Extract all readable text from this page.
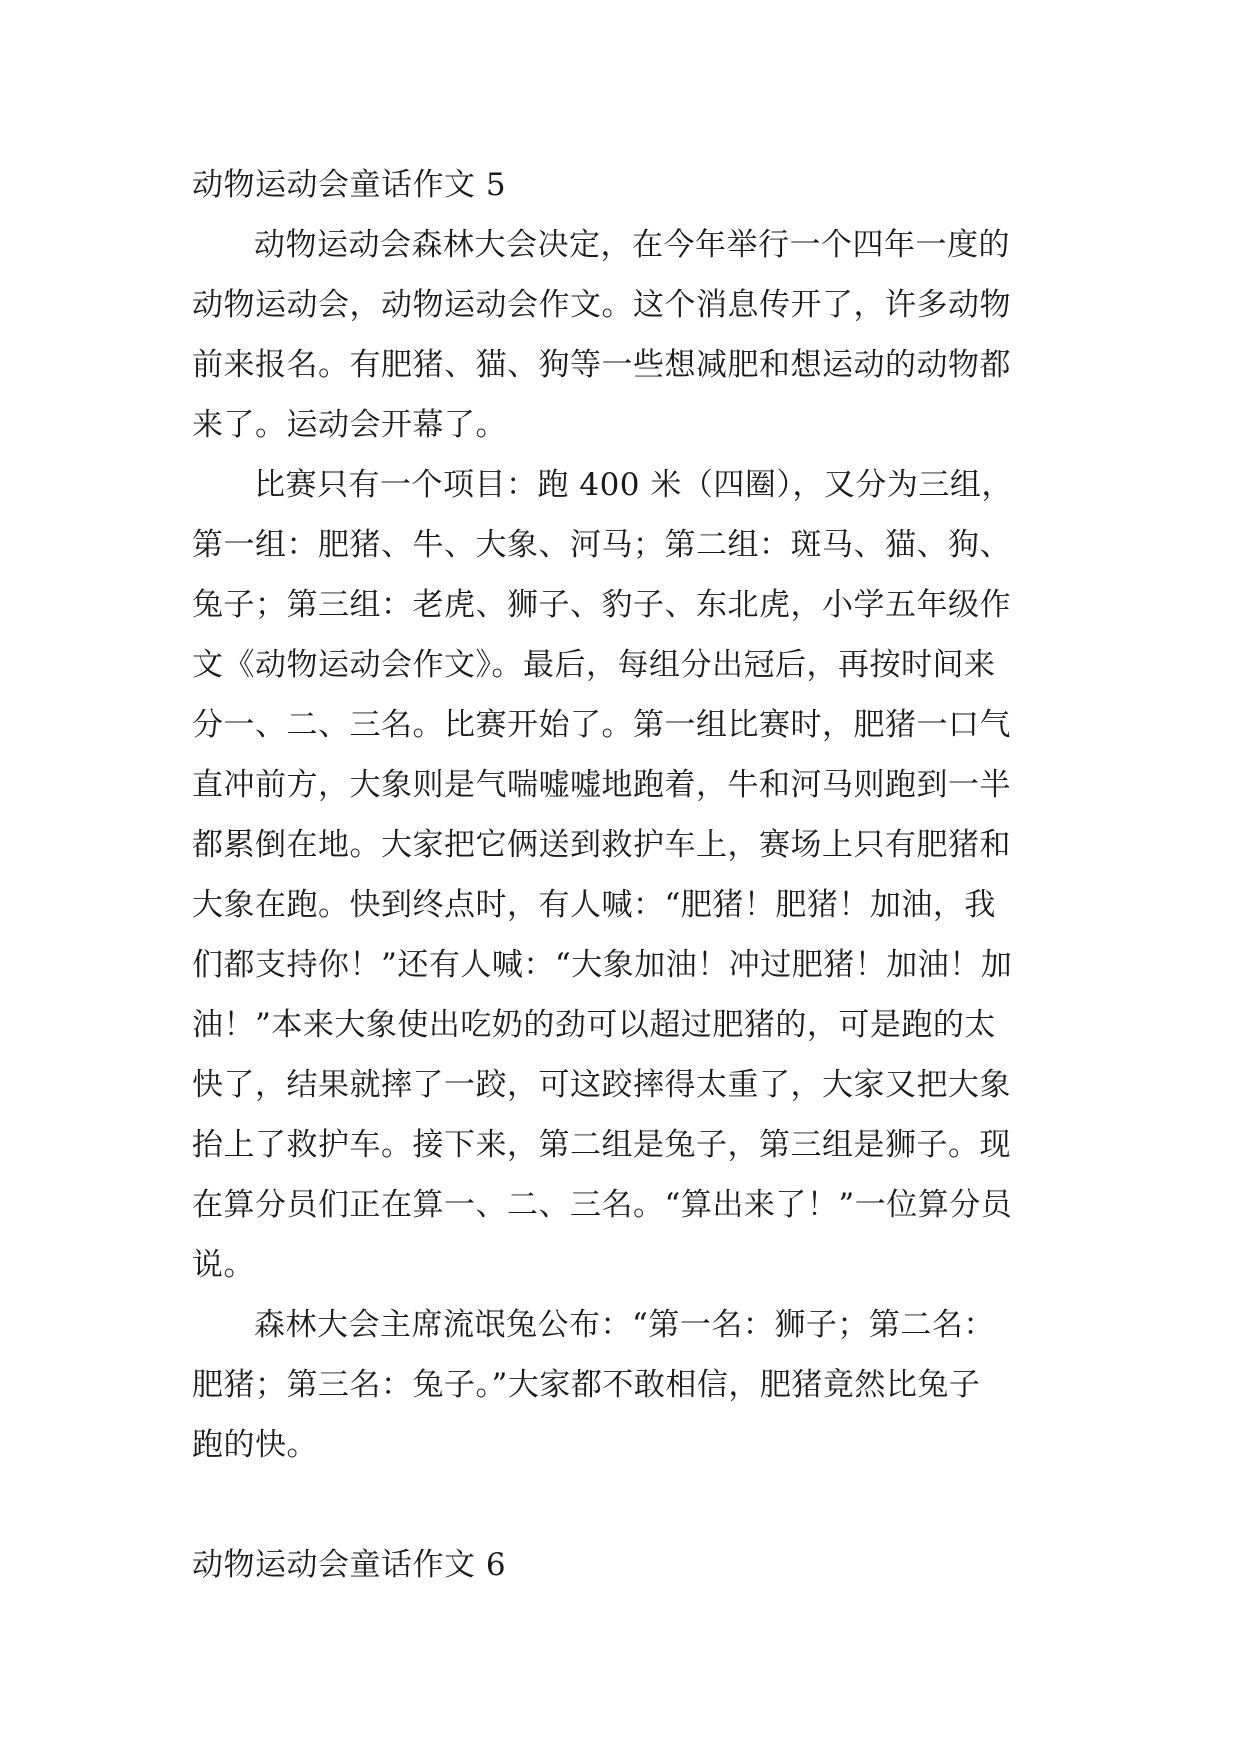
动物运动会童话作文 5
动物运动会森林大会决定，在今年举行一个四年一度的
动物运动会，动物运动会作文。这个消息传开了，许多动物
前来报名。有肥猪、猫、狗等一些想减肥和想运动的动物都
来了。运动会开幕了。
比赛只有一个项目：跑 400 米（四圈），又分为三组，
第一组：肥猪、牛、大象、河马；第二组：斑马、猫、狗、
兔子；第三组：老虎、狮子、豹子、东北虎，小学五年级作
文《动物运动会作文》。最后，每组分出冠后，再按时间来
分一、二、三名。比赛开始了。第一组比赛时，肥猪一口气
直冲前方，大象则是气喘嘘嘘地跑着，牛和河马则跑到一半
都累倒在地。大家把它俩送到救护车上，赛场上只有肥猪和
大象在跑。快到终点时，有人喊：“肥猪！肥猪！加油，我
们都支持你！”还有人喊：“大象加油！冲过肥猪！加油！加
油！”本来大象使出吃奶的劲可以超过肥猪的，可是跑的太
快了，结果就摔了一跤，可这跤摔得太重了，大家又把大象
抬上了救护车。接下来，第二组是兔子，第三组是狮子。现
在算分员们正在算一、二、三名。“算出来了！”一位算分员
说。
森林大会主席流氓兔公布：“第一名：狮子；第二名：
肥猪；第三名：兔子。”大家都不敢相信，肥猪竟然比兔子
跑的快。
动物运动会童话作文 6
